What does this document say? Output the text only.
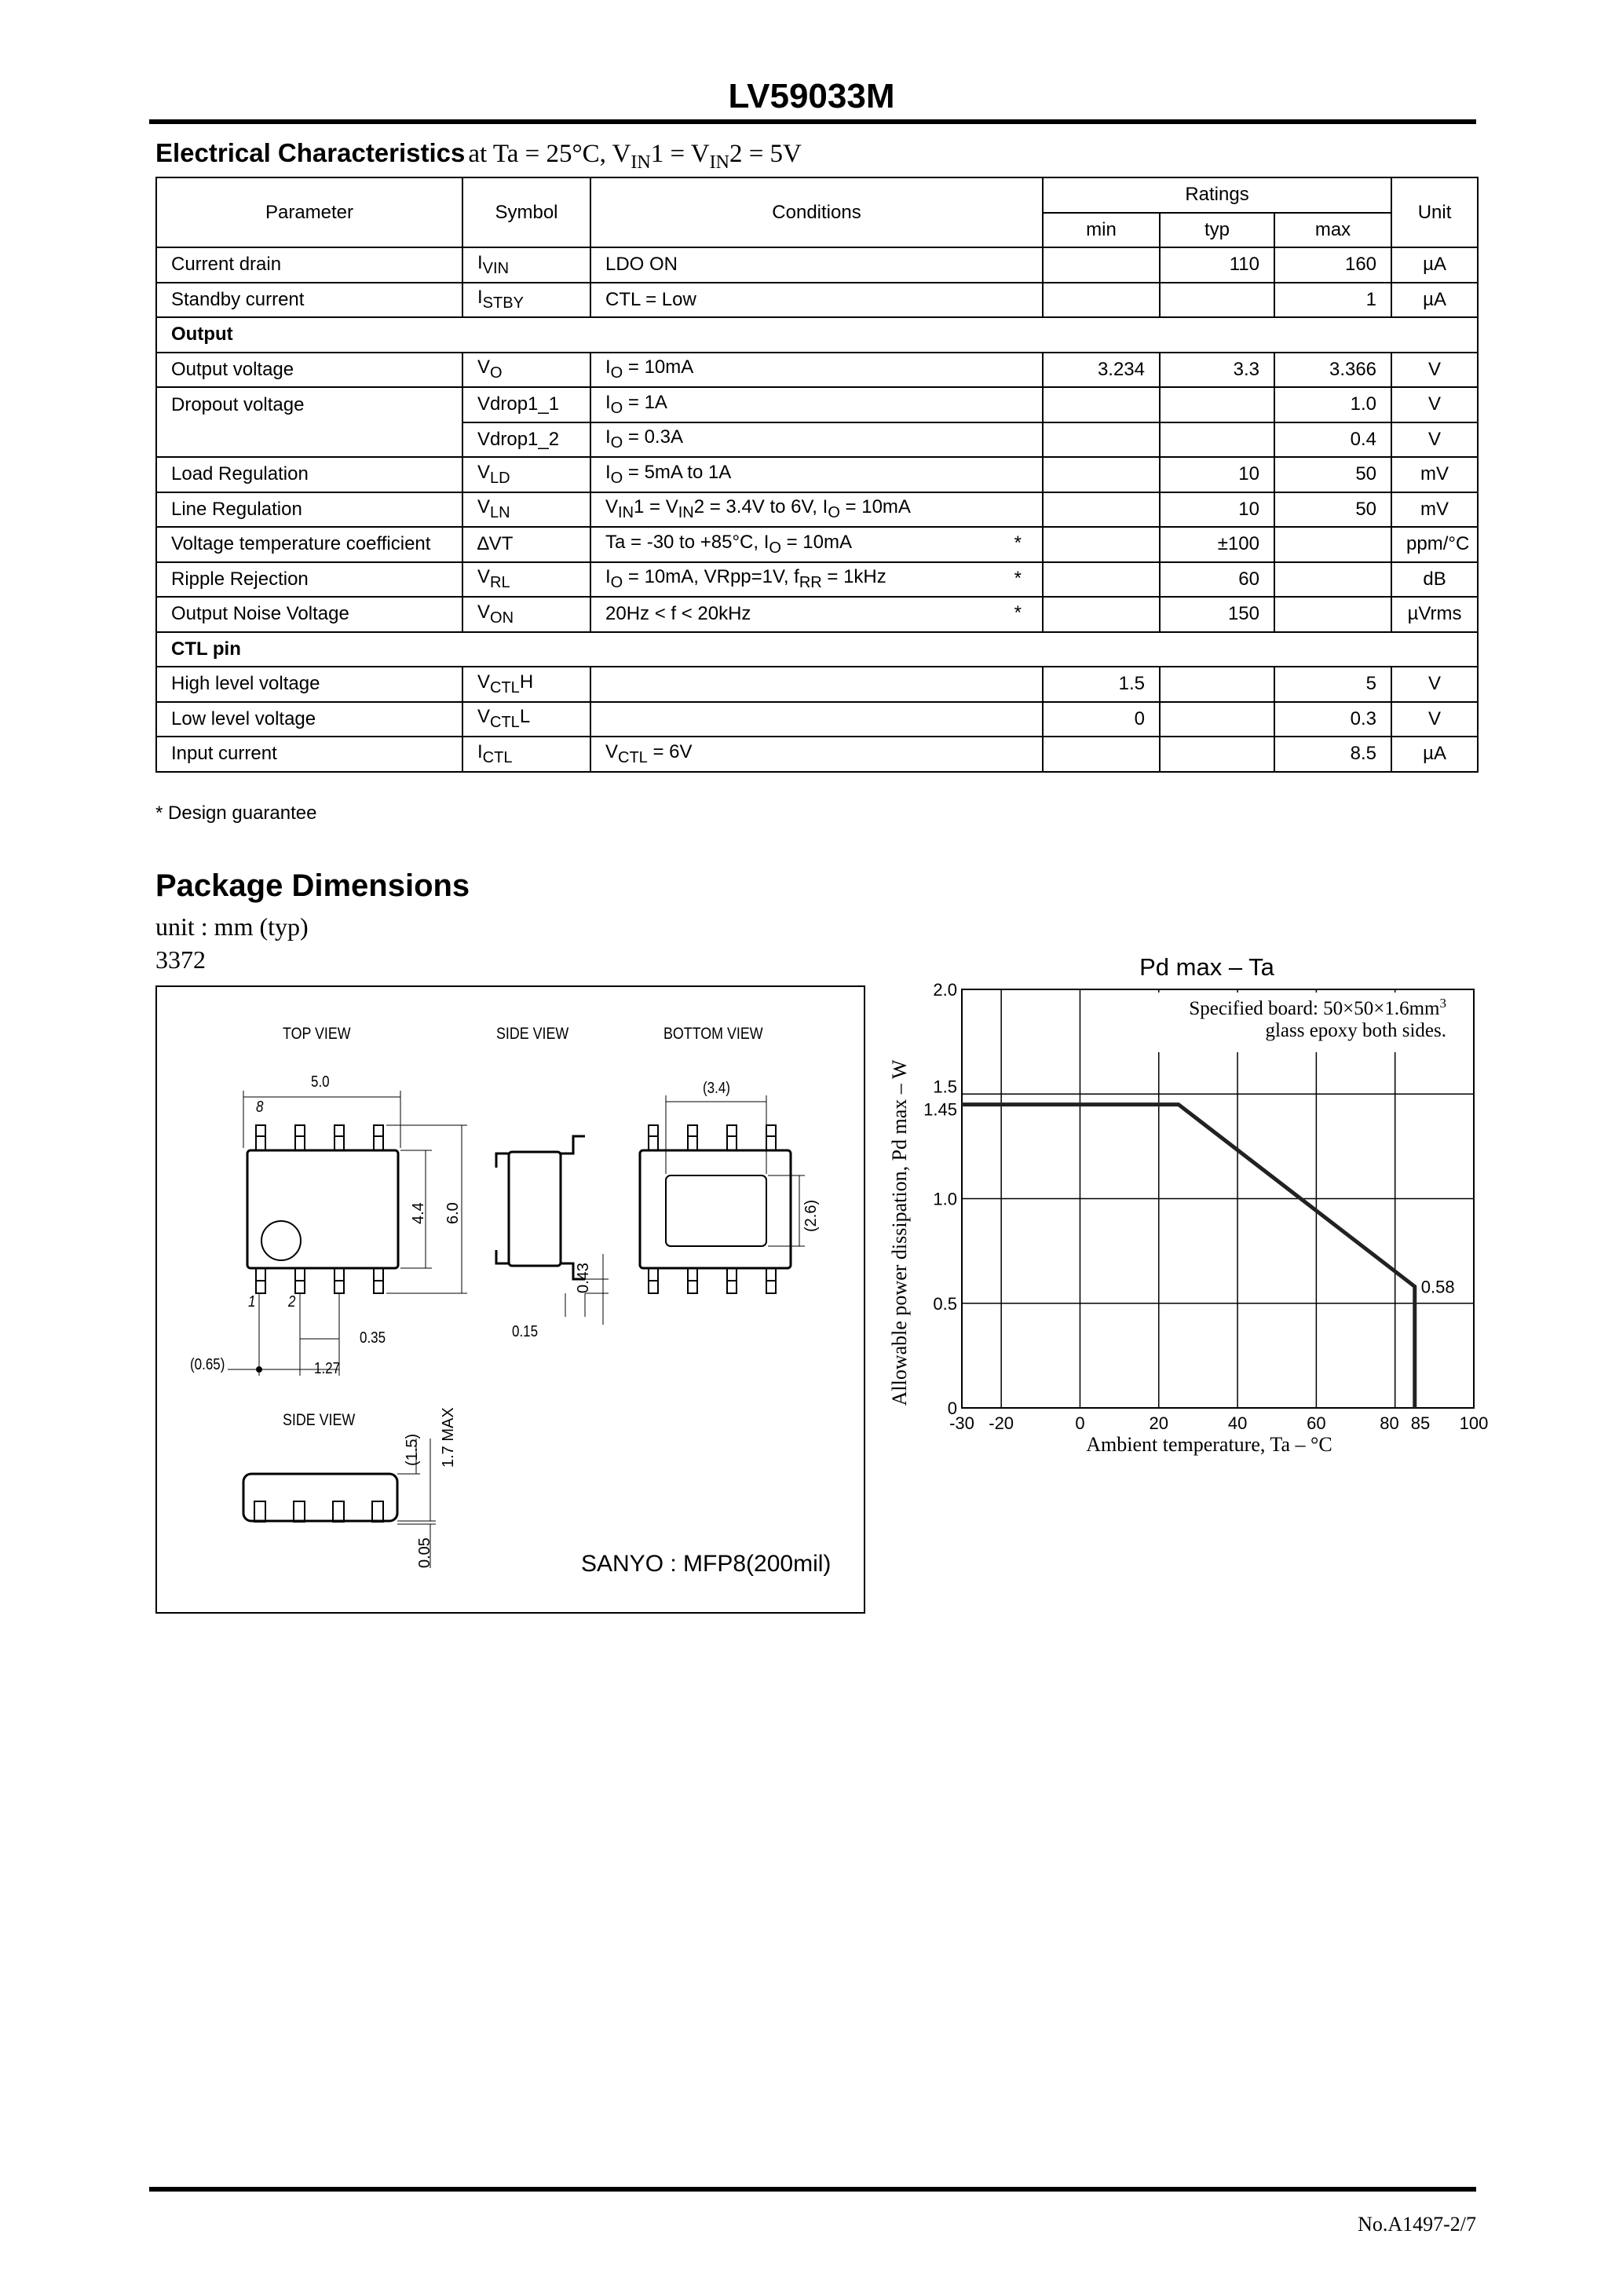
LV59033M
Electrical Characteristics at Ta = 25°C, $V_{IN}1 = V_{IN}2 = 5V$
Parameter	Symbol	Conditions	Ratings			Unit
			min	typ	max	
Current drain	$I_{VIN}$	LDO ON		110	160	µA
Standby current	$I_{STBY}$	CTL = Low			1	µA
Output						
Output voltage	$V_O$	$I_O = 10mA$	3.234	3.3	3.366	V
Dropout voltage	Vdrop1_1	$I_O = 1A$			1.0	V
	Vdrop1_2	$I_O = 0.3A$			0.4	V
Load Regulation	$V_{LD}$	$I_O = 5mA$ to 1A		10	50	mV
Line Regulation	$V_{LN}$	$V_{IN}1 = V_{IN}2 = 3.4V$ to 6V, $I_O = 10mA$		10	50	mV
Voltage temperature coefficient	∆VT	Ta = -30 to +85°C, $I_O = 10mA$ *		±100		ppm/°C
Ripple Rejection	$V_{RL}$	$I_O = 10mA$, VRpp=1V, $f_{RR} = 1kHz$ *		60		dB
Output Noise Voltage	$V_{ON}$	20Hz < f < 20kHz *		150		µVrms
CTL pin						
High level voltage	$V_{CTL}H$		1.5		5	V
Low level voltage	$V_{CTL}L$		0		0.3	V
Input current	$I_{CTL}$	$V_{CTL} = 6V$			8.5	µA
* Design guarantee
Package Dimensions
unit : mm (typ)
3372
TOP VIEW	SIDE VIEW	BOTTOM VIEW
SIDE VIEW
8
1 2
5.0
4.4 6.0
0.35
1.27
(0.65)
0.43
0.15
(3.4)
(2.6)
(1.5) 1.7 MAX
0.05	SANYO : MFP8(200mil)
Pd max – Ta
-30 -20	0	20	40	60	80 85 100
0
0.5
1.0
1.45
1.5
2.0
0.58
Specified board: $50\times 50\times 1.6mm^3$
glass epoxy both sides.
Ambient temperature, Ta – °C
Allowable power dissipation, Pd max – W
No.A1497-2/7
